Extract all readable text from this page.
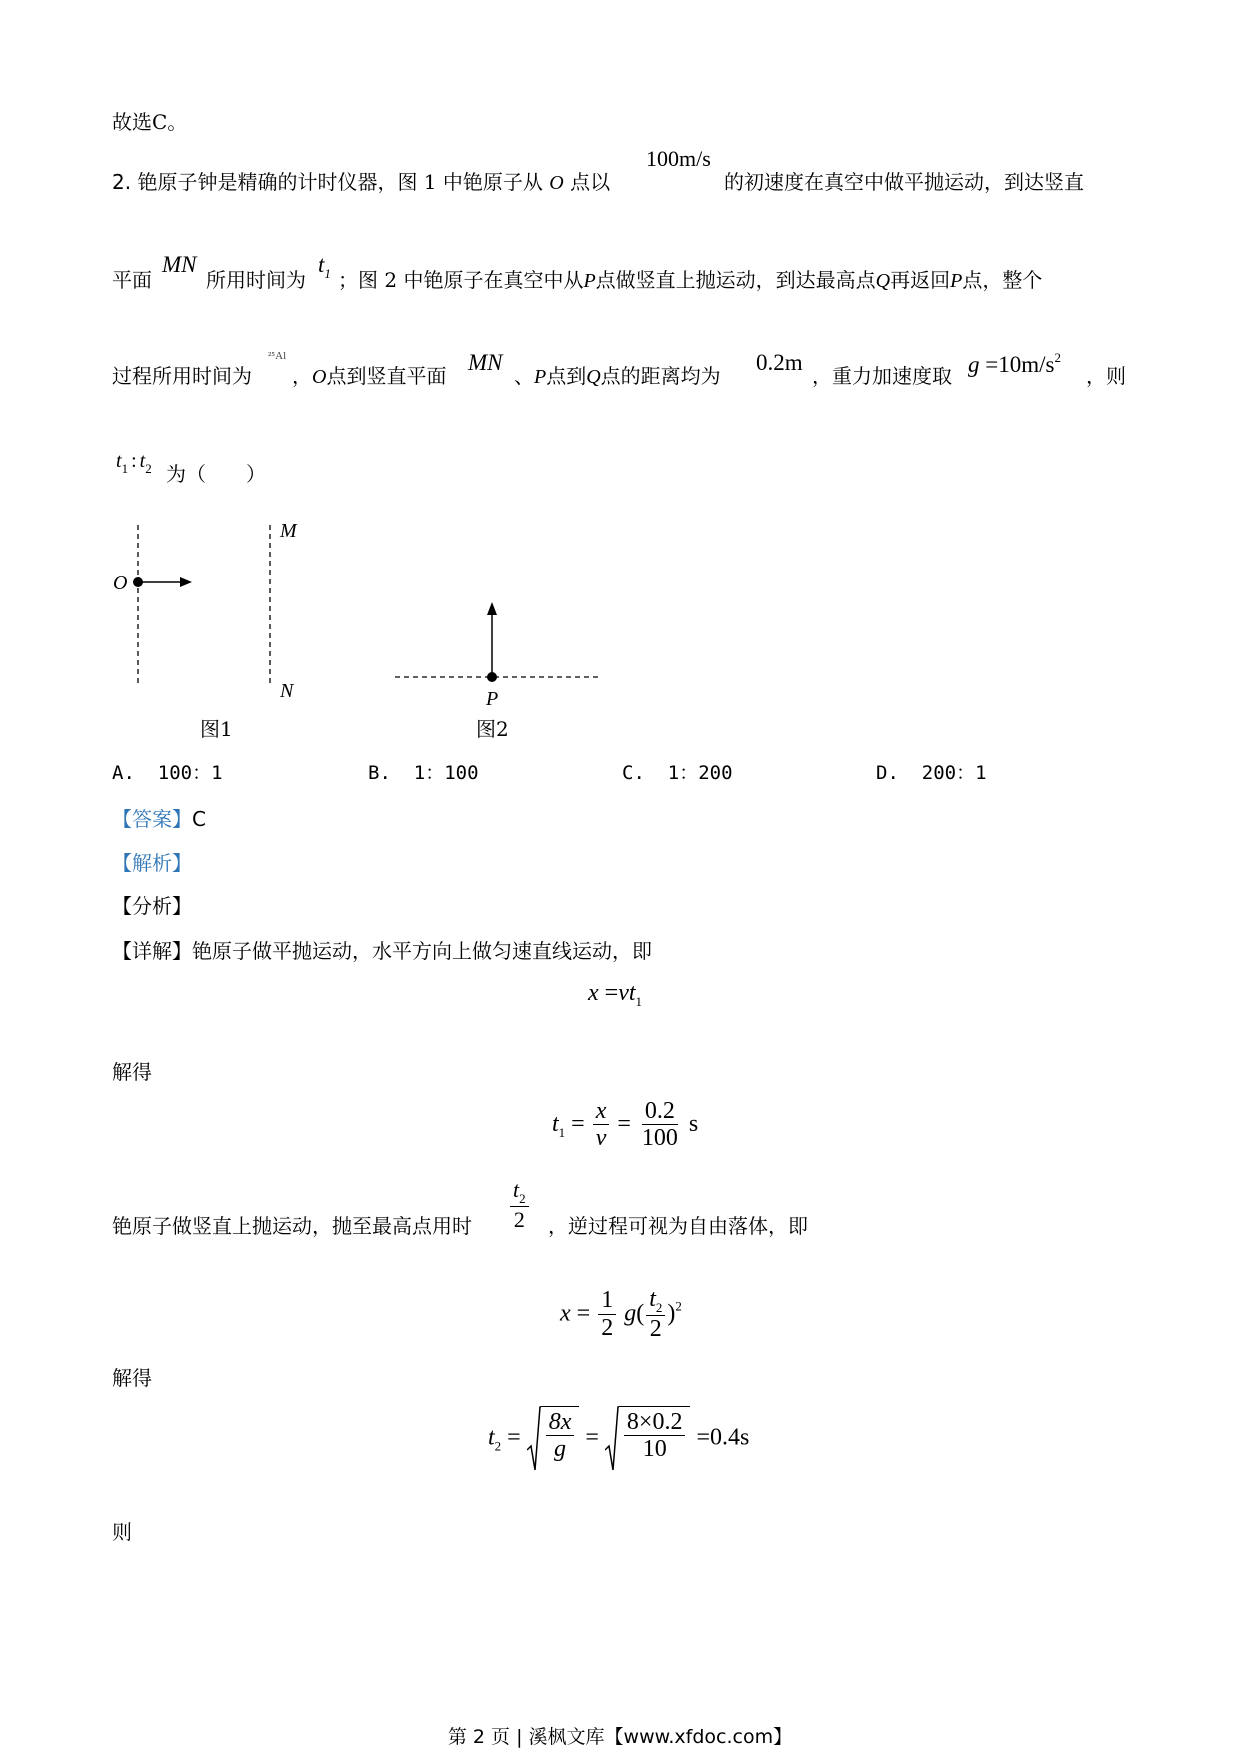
故选C。
2. 铯原子钟是精确的计时仪器，图 1 中铯原子从 O 点以
100m/s
的初速度在真空中做平抛运动，到达竖直
平面
MN
所用时间为
$t_1$ ；图 2 中铯原子在真空中从P点做竖直上抛运动，到达最高点Q再返回P点，整个
过程所用时间为
²⁵Al
，O点到竖直平面
MN
、P点到Q点的距离均为
0.2m
，重力加速度取 $g =10m/s^2$
，则
$t_1$ : $t_2$ 为（　　）
O
M
N
图1
P
图2
A. 100：1	B. 1：100	C. 1：200	D. 200：1
【答案】C
【解析】
【分析】
【详解】铯原子做平抛运动，水平方向上做匀速直线运动，即
$x =vt_1$
解得
$t_1 = \frac{x}{v} = \frac{0.2}{100}$ s
铯原子做竖直上抛运动，抛至最高点用时 $\frac{t_2}{2}$ ，逆过程可视为自由落体，即
$x = \frac{1}{2} g( \frac{t_2}{2} )^2$
解得
$t_2 = \frac{8x}{g} = \frac{8\times 0.2}{10} =0.4s$
则
第 2 页 | 溪枫文库【www.xfdoc.com】
